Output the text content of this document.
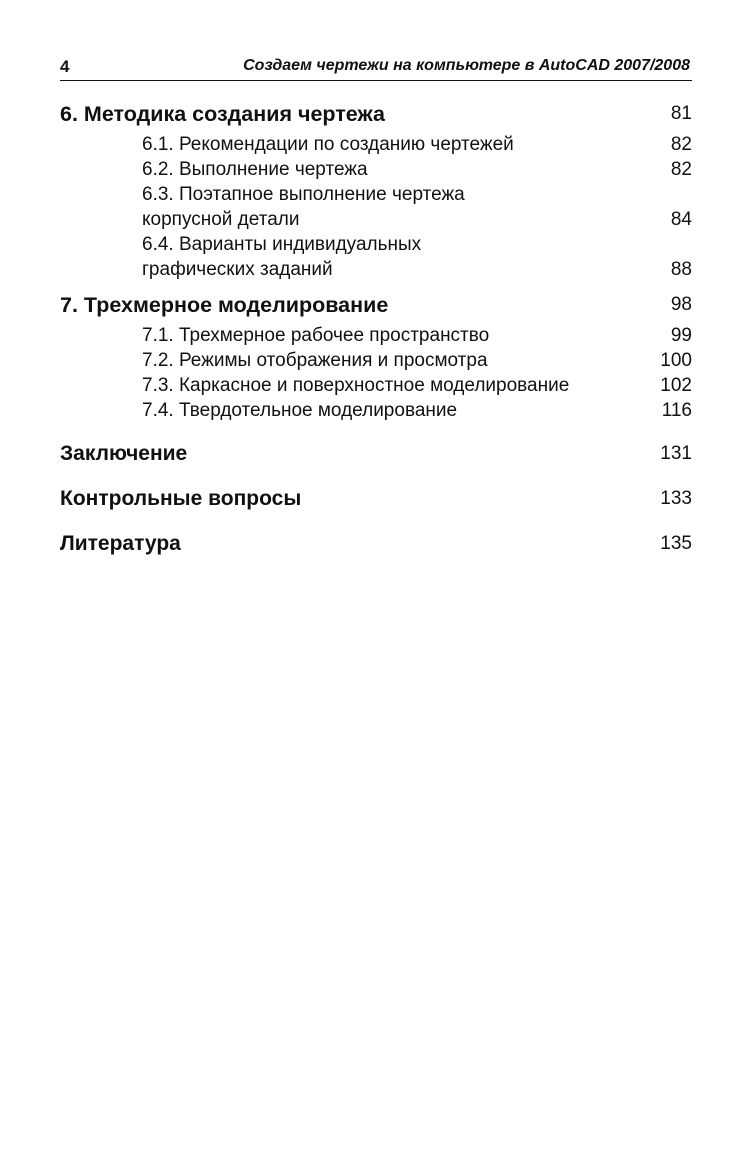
4	Создаем чертежи на компьютере в AutoCAD 2007/2008
6. Методика создания чертежа	81
6.1. Рекомендации по созданию чертежей	82
6.2. Выполнение чертежа	82
6.3. Поэтапное выполнение чертежа
корпусной детали	84
6.4. Варианты индивидуальных
графических заданий	88
7. Трехмерное моделирование	98
7.1. Трехмерное рабочее пространство	99
7.2. Режимы отображения и просмотра	100
7.3. Каркасное и поверхностное моделирование	102
7.4. Твердотельное моделирование	116
Заключение	131
Контрольные вопросы	133
Литература	135
